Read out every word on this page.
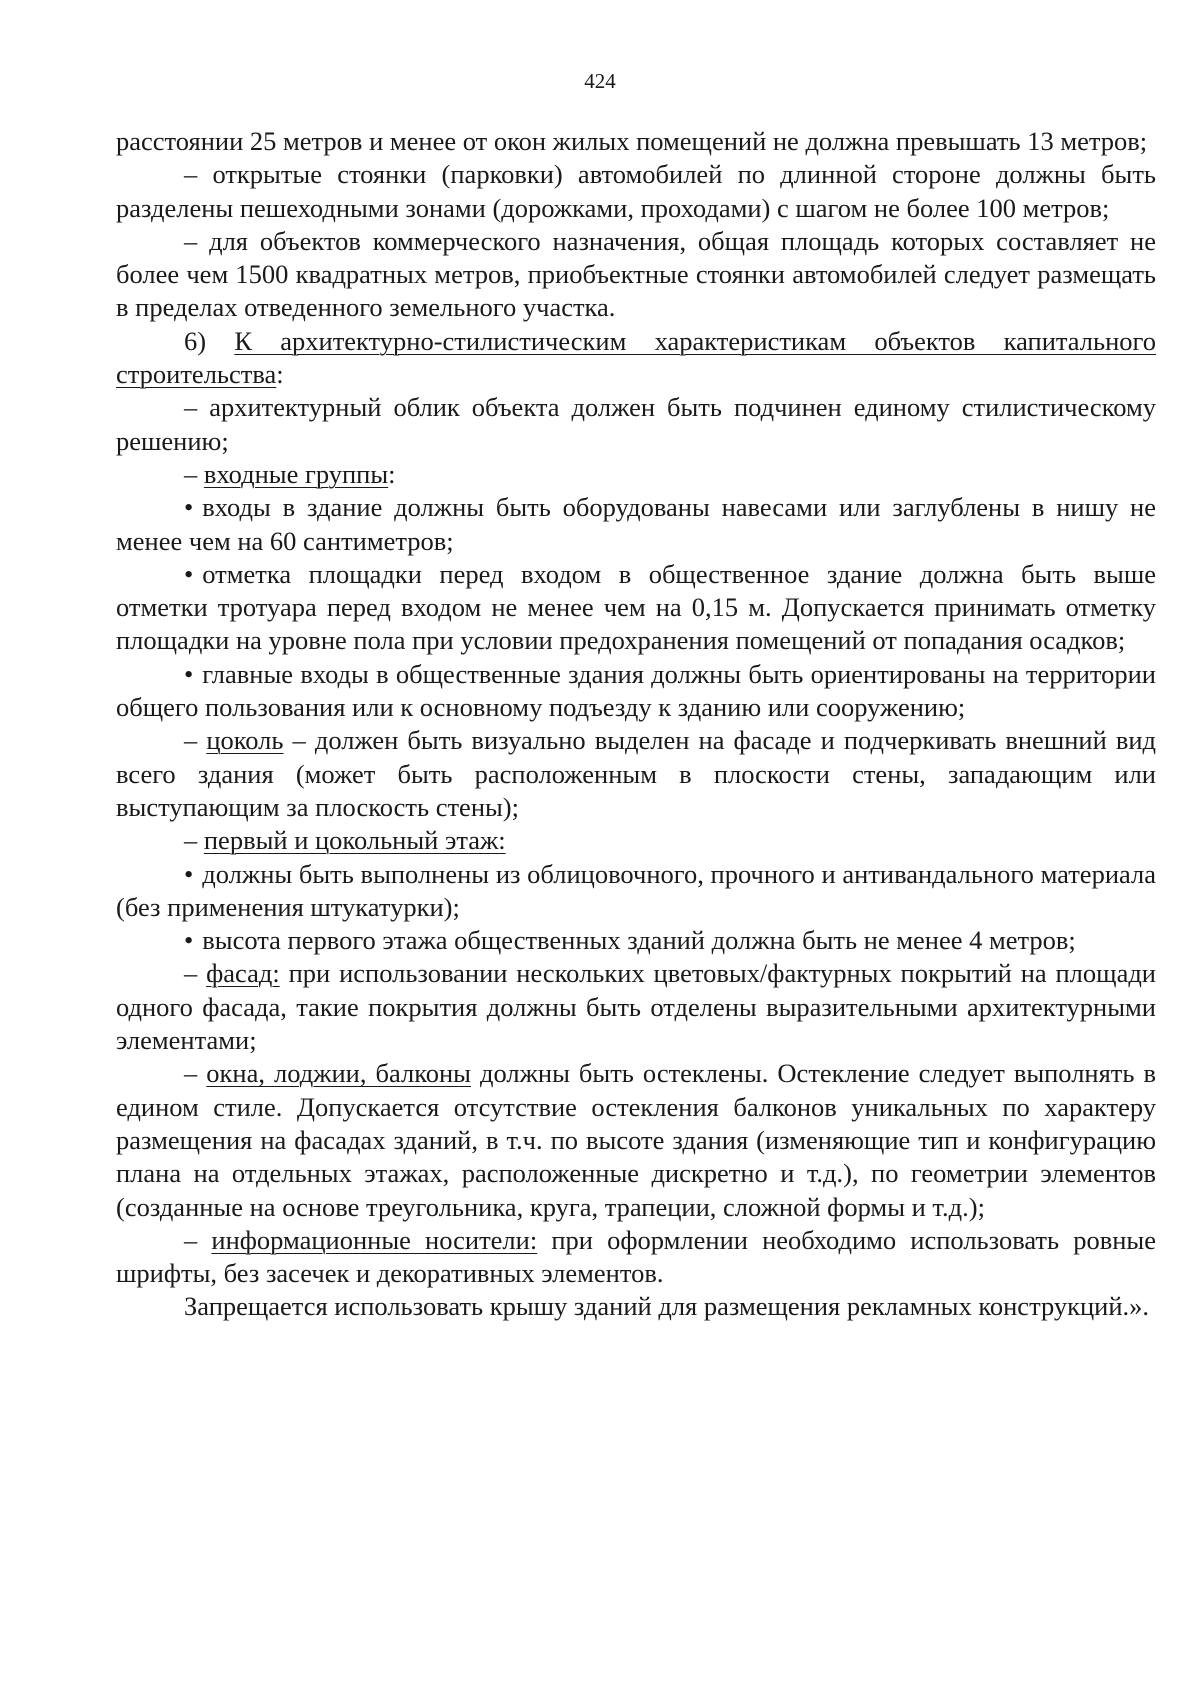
424

расстоянии 25 метров и менее от окон жилых помещений не должна превышать 13 метров;

– открытые стоянки (парковки) автомобилей по длинной стороне должны быть разделены пешеходными зонами (дорожками, проходами) с шагом не более 100 метров;

– для объектов коммерческого назначения, общая площадь которых составляет не более чем 1500 квадратных метров, приобъектные стоянки автомобилей следует размещать в пределах отведенного земельного участка.

6) К архитектурно-стилистическим характеристикам объектов капитального строительства:

– архитектурный облик объекта должен быть подчинен единому стилистическому решению;

– входные группы:

• входы в здание должны быть оборудованы навесами или заглублены в нишу не менее чем на 60 сантиметров;

• отметка площадки перед входом в общественное здание должна быть выше отметки тротуара перед входом не менее чем на 0,15 м. Допускается принимать отметку площадки на уровне пола при условии предохранения помещений от попадания осадков;

• главные входы в общественные здания должны быть ориентированы на территории общего пользования или к основному подъезду к зданию или сооружению;

– цоколь – должен быть визуально выделен на фасаде и подчеркивать внешний вид всего здания (может быть расположенным в плоскости стены, западающим или выступающим за плоскость стены);

– первый и цокольный этаж:

• должны быть выполнены из облицовочного, прочного и антивандального материала (без применения штукатурки);

• высота первого этажа общественных зданий должна быть не менее 4 метров;

– фасад: при использовании нескольких цветовых/фактурных покрытий на площади одного фасада, такие покрытия должны быть отделены выразительными архитектурными элементами;

– окна, лоджии, балконы должны быть остеклены. Остекление следует выполнять в едином стиле. Допускается отсутствие остекления балконов уникальных по характеру размещения на фасадах зданий, в т.ч. по высоте здания (изменяющие тип и конфигурацию плана на отдельных этажах, расположенные дискретно и т.д.), по геометрии элементов (созданные на основе треугольника, круга, трапеции, сложной формы и т.д.);

– информационные носители: при оформлении необходимо использовать ровные шрифты, без засечек и декоративных элементов.

Запрещается использовать крышу зданий для размещения рекламных конструкций.».
